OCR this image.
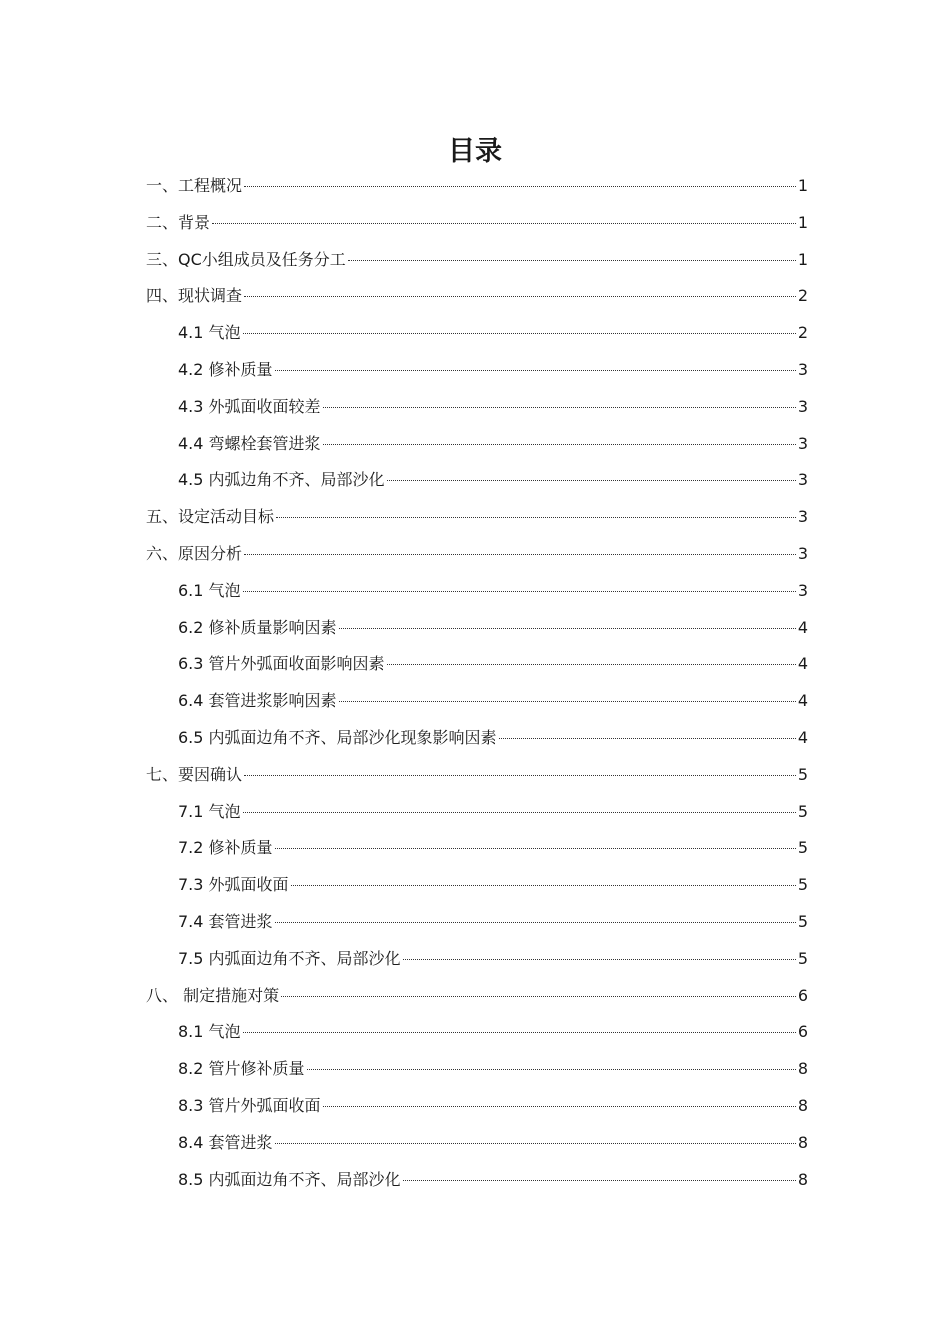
目录
一、工程概况	1
二、背景	1
三、QC小组成员及任务分工	1
四、现状调查	2
4.1 气泡	2
4.2 修补质量	3
4.3 外弧面收面较差	3
4.4 弯螺栓套管进浆	3
4.5 内弧边角不齐、局部沙化	3
五、设定活动目标	3
六、原因分析	3
6.1 气泡	3
6.2 修补质量影响因素	4
6.3 管片外弧面收面影响因素	4
6.4 套管进浆影响因素	4
6.5 内弧面边角不齐、局部沙化现象影响因素	4
七、要因确认	5
7.1 气泡	5
7.2 修补质量	5
7.3 外弧面收面	5
7.4 套管进浆	5
7.5 内弧面边角不齐、局部沙化	5
八、 制定措施对策	6
8.1 气泡	6
8.2 管片修补质量	8
8.3 管片外弧面收面	8
8.4 套管进浆	8
8.5 内弧面边角不齐、局部沙化	8
